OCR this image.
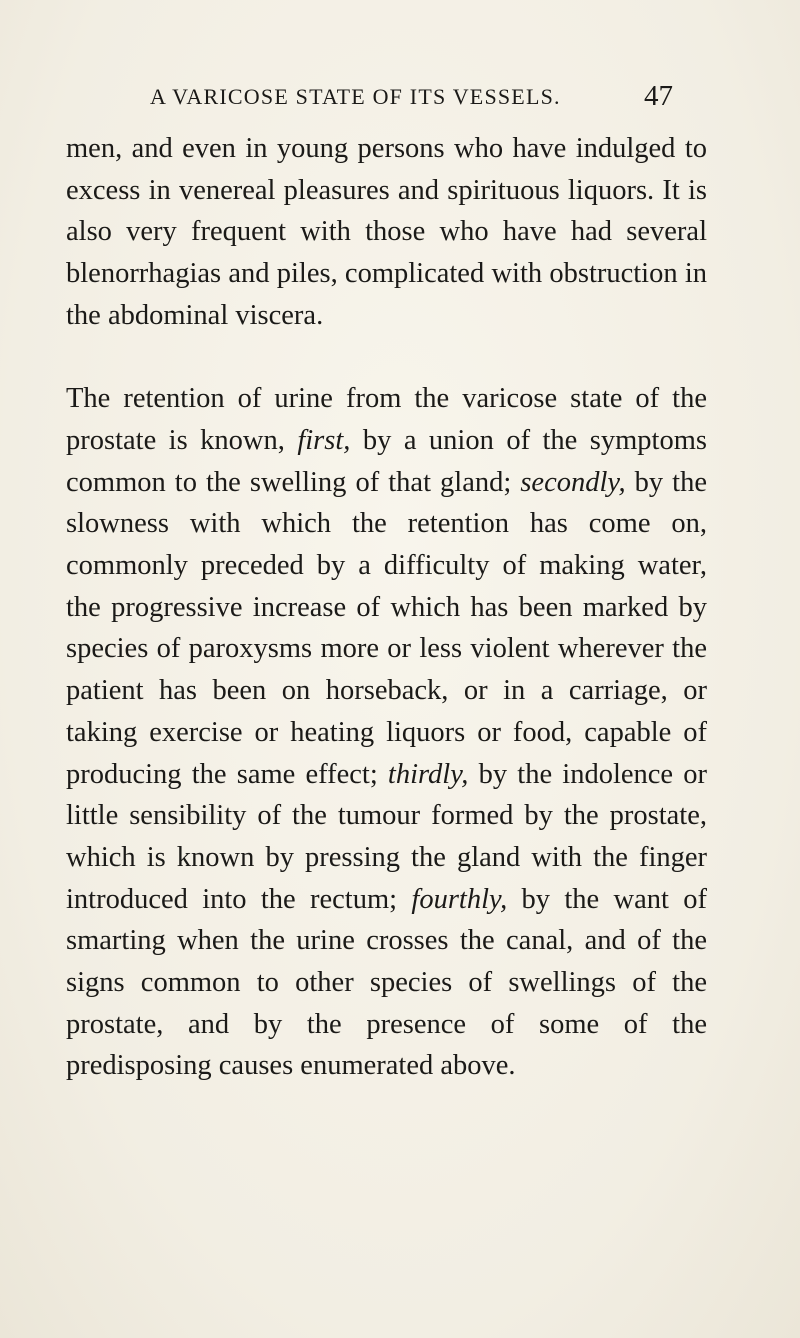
A VARICOSE STATE OF ITS VESSELS.	47

men, and even in young persons who have indulged to excess in venereal pleasures and spirituous liquors. It is also very frequent with those who have had several blenorrhagias and piles, complicated with obstruction in the abdominal viscera.

The retention of urine from the varicose state of the prostate is known, first, by a union of the symptoms common to the swelling of that gland; secondly, by the slowness with which the retention has come on, commonly preceded by a difficulty of making water, the progressive increase of which has been marked by species of paroxysms more or less violent wherever the patient has been on horseback, or in a carriage, or taking exercise or heating liquors or food, capable of producing the same effect; thirdly, by the indolence or little sensibility of the tumour formed by the prostate, which is known by pressing the gland with the finger introduced into the rectum; fourthly, by the want of smarting when the urine crosses the canal, and of the signs common to other species of swellings of the prostate, and by the presence of some of the predisposing causes enumerated above.
